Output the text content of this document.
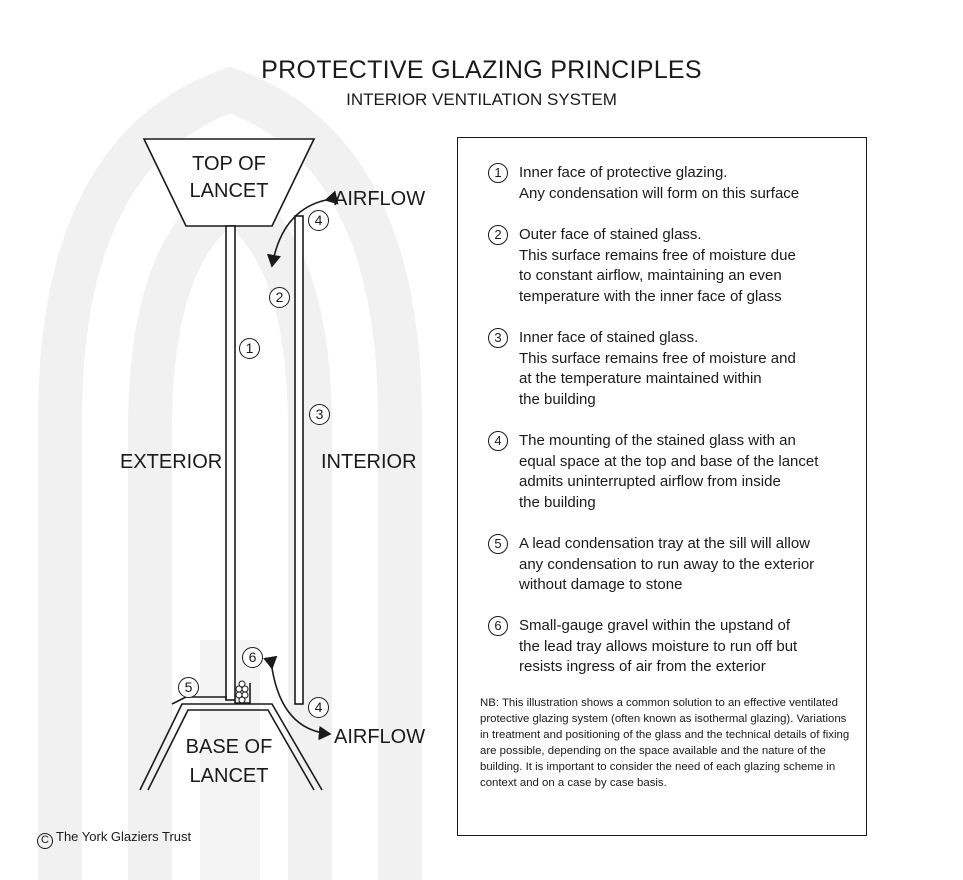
PROTECTIVE GLAZING PRINCIPLES
INTERIOR VENTILATION SYSTEM
TOP OF
LANCET
BASE OF
LANCET
EXTERIOR	INTERIOR
AIRFLOW
AIRFLOW
1
2
3
4
4
5
6
1	Inner face of protective glazing.
Any condensation will form on this surface
2	Outer face of stained glass.
This surface remains free of moisture due
to constant airflow, maintaining an even
temperature with the inner face of glass
3	Inner face of stained glass.
This surface remains free of moisture and
at the temperature maintained within
the building
4	The mounting of the stained glass with an
equal space at the top and base of the lancet
admits uninterrupted airflow from inside
the building
5	A lead condensation tray at the sill will allow
any condensation to run away to the exterior
without damage to stone
6	Small-gauge gravel within the upstand of
the lead tray allows moisture to run off but
resists ingress of air from the exterior
NB: This illustration shows a common solution to an effective ventilated protective glazing system (often known as isothermal glazing). Variations in treatment and positioning of the glass and the technical details of fixing are possible, depending on the space available and the nature of the building. It is important to consider the need of each glazing scheme in context and on a case by case basis.
C The York Glaziers Trust
